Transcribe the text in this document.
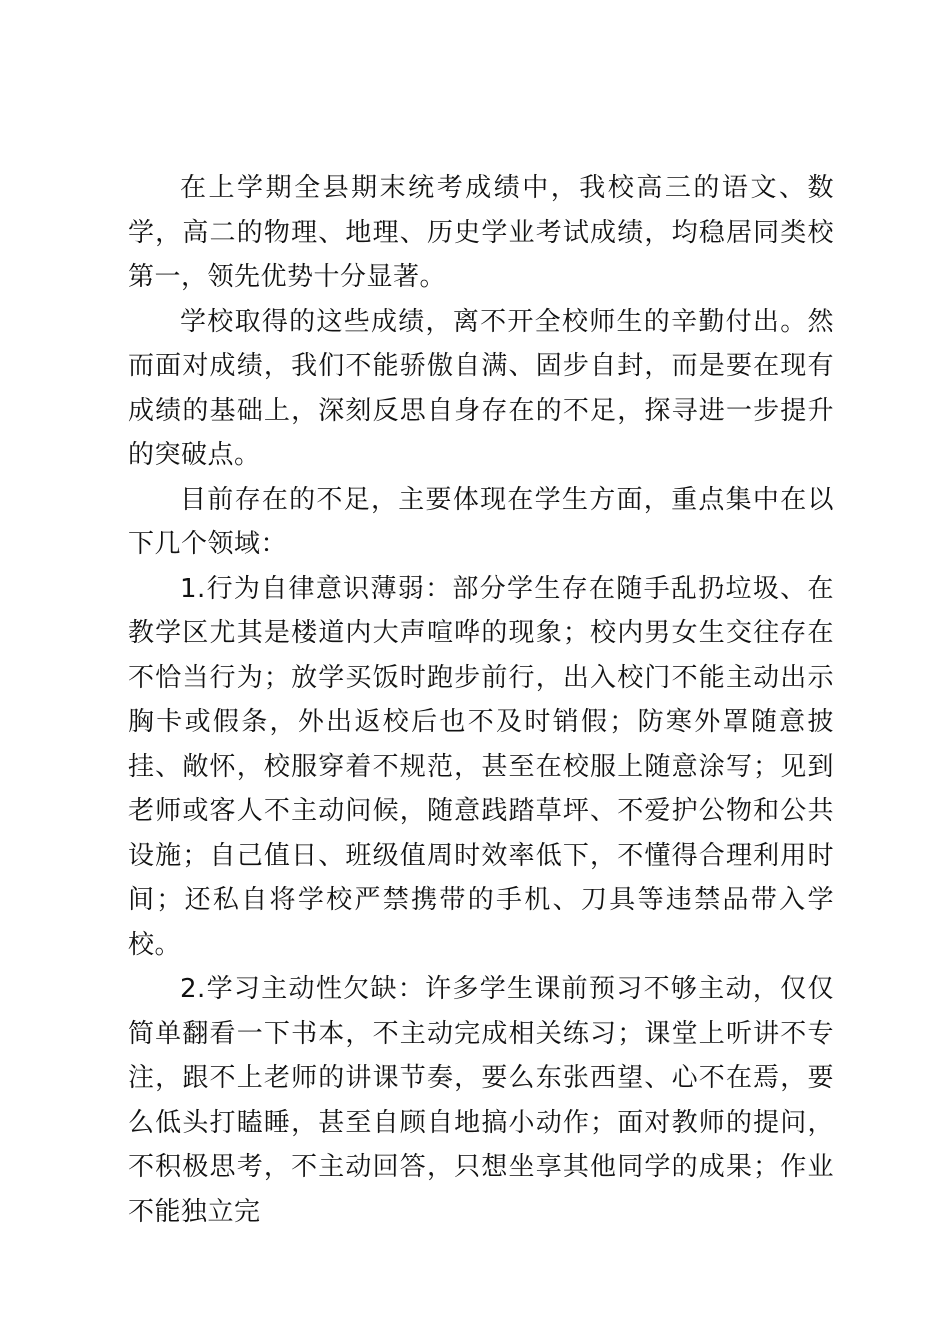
在上学期全县期末统考成绩中，我校高三的语文、数学，高二的物理、地理、历史学业考试成绩，均稳居同类校第一，领先优势十分显著。

学校取得的这些成绩，离不开全校师生的辛勤付出。然而面对成绩，我们不能骄傲自满、固步自封，而是要在现有成绩的基础上，深刻反思自身存在的不足，探寻进一步提升的突破点。

目前存在的不足，主要体现在学生方面，重点集中在以下几个领域：

1.行为自律意识薄弱：部分学生存在随手乱扔垃圾、在教学区尤其是楼道内大声喧哗的现象；校内男女生交往存在不恰当行为；放学买饭时跑步前行，出入校门不能主动出示胸卡或假条，外出返校后也不及时销假；防寒外罩随意披挂、敞怀，校服穿着不规范，甚至在校服上随意涂写；见到老师或客人不主动问候，随意践踏草坪、不爱护公物和公共设施；自己值日、班级值周时效率低下，不懂得合理利用时间；还私自将学校严禁携带的手机、刀具等违禁品带入学校。

2.学习主动性欠缺：许多学生课前预习不够主动，仅仅简单翻看一下书本，不主动完成相关练习；课堂上听讲不专注，跟不上老师的讲课节奏，要么东张西望、心不在焉，要么低头打瞌睡，甚至自顾自地搞小动作；面对教师的提问，不积极思考，不主动回答，只想坐享其他同学的成果；作业不能独立完
